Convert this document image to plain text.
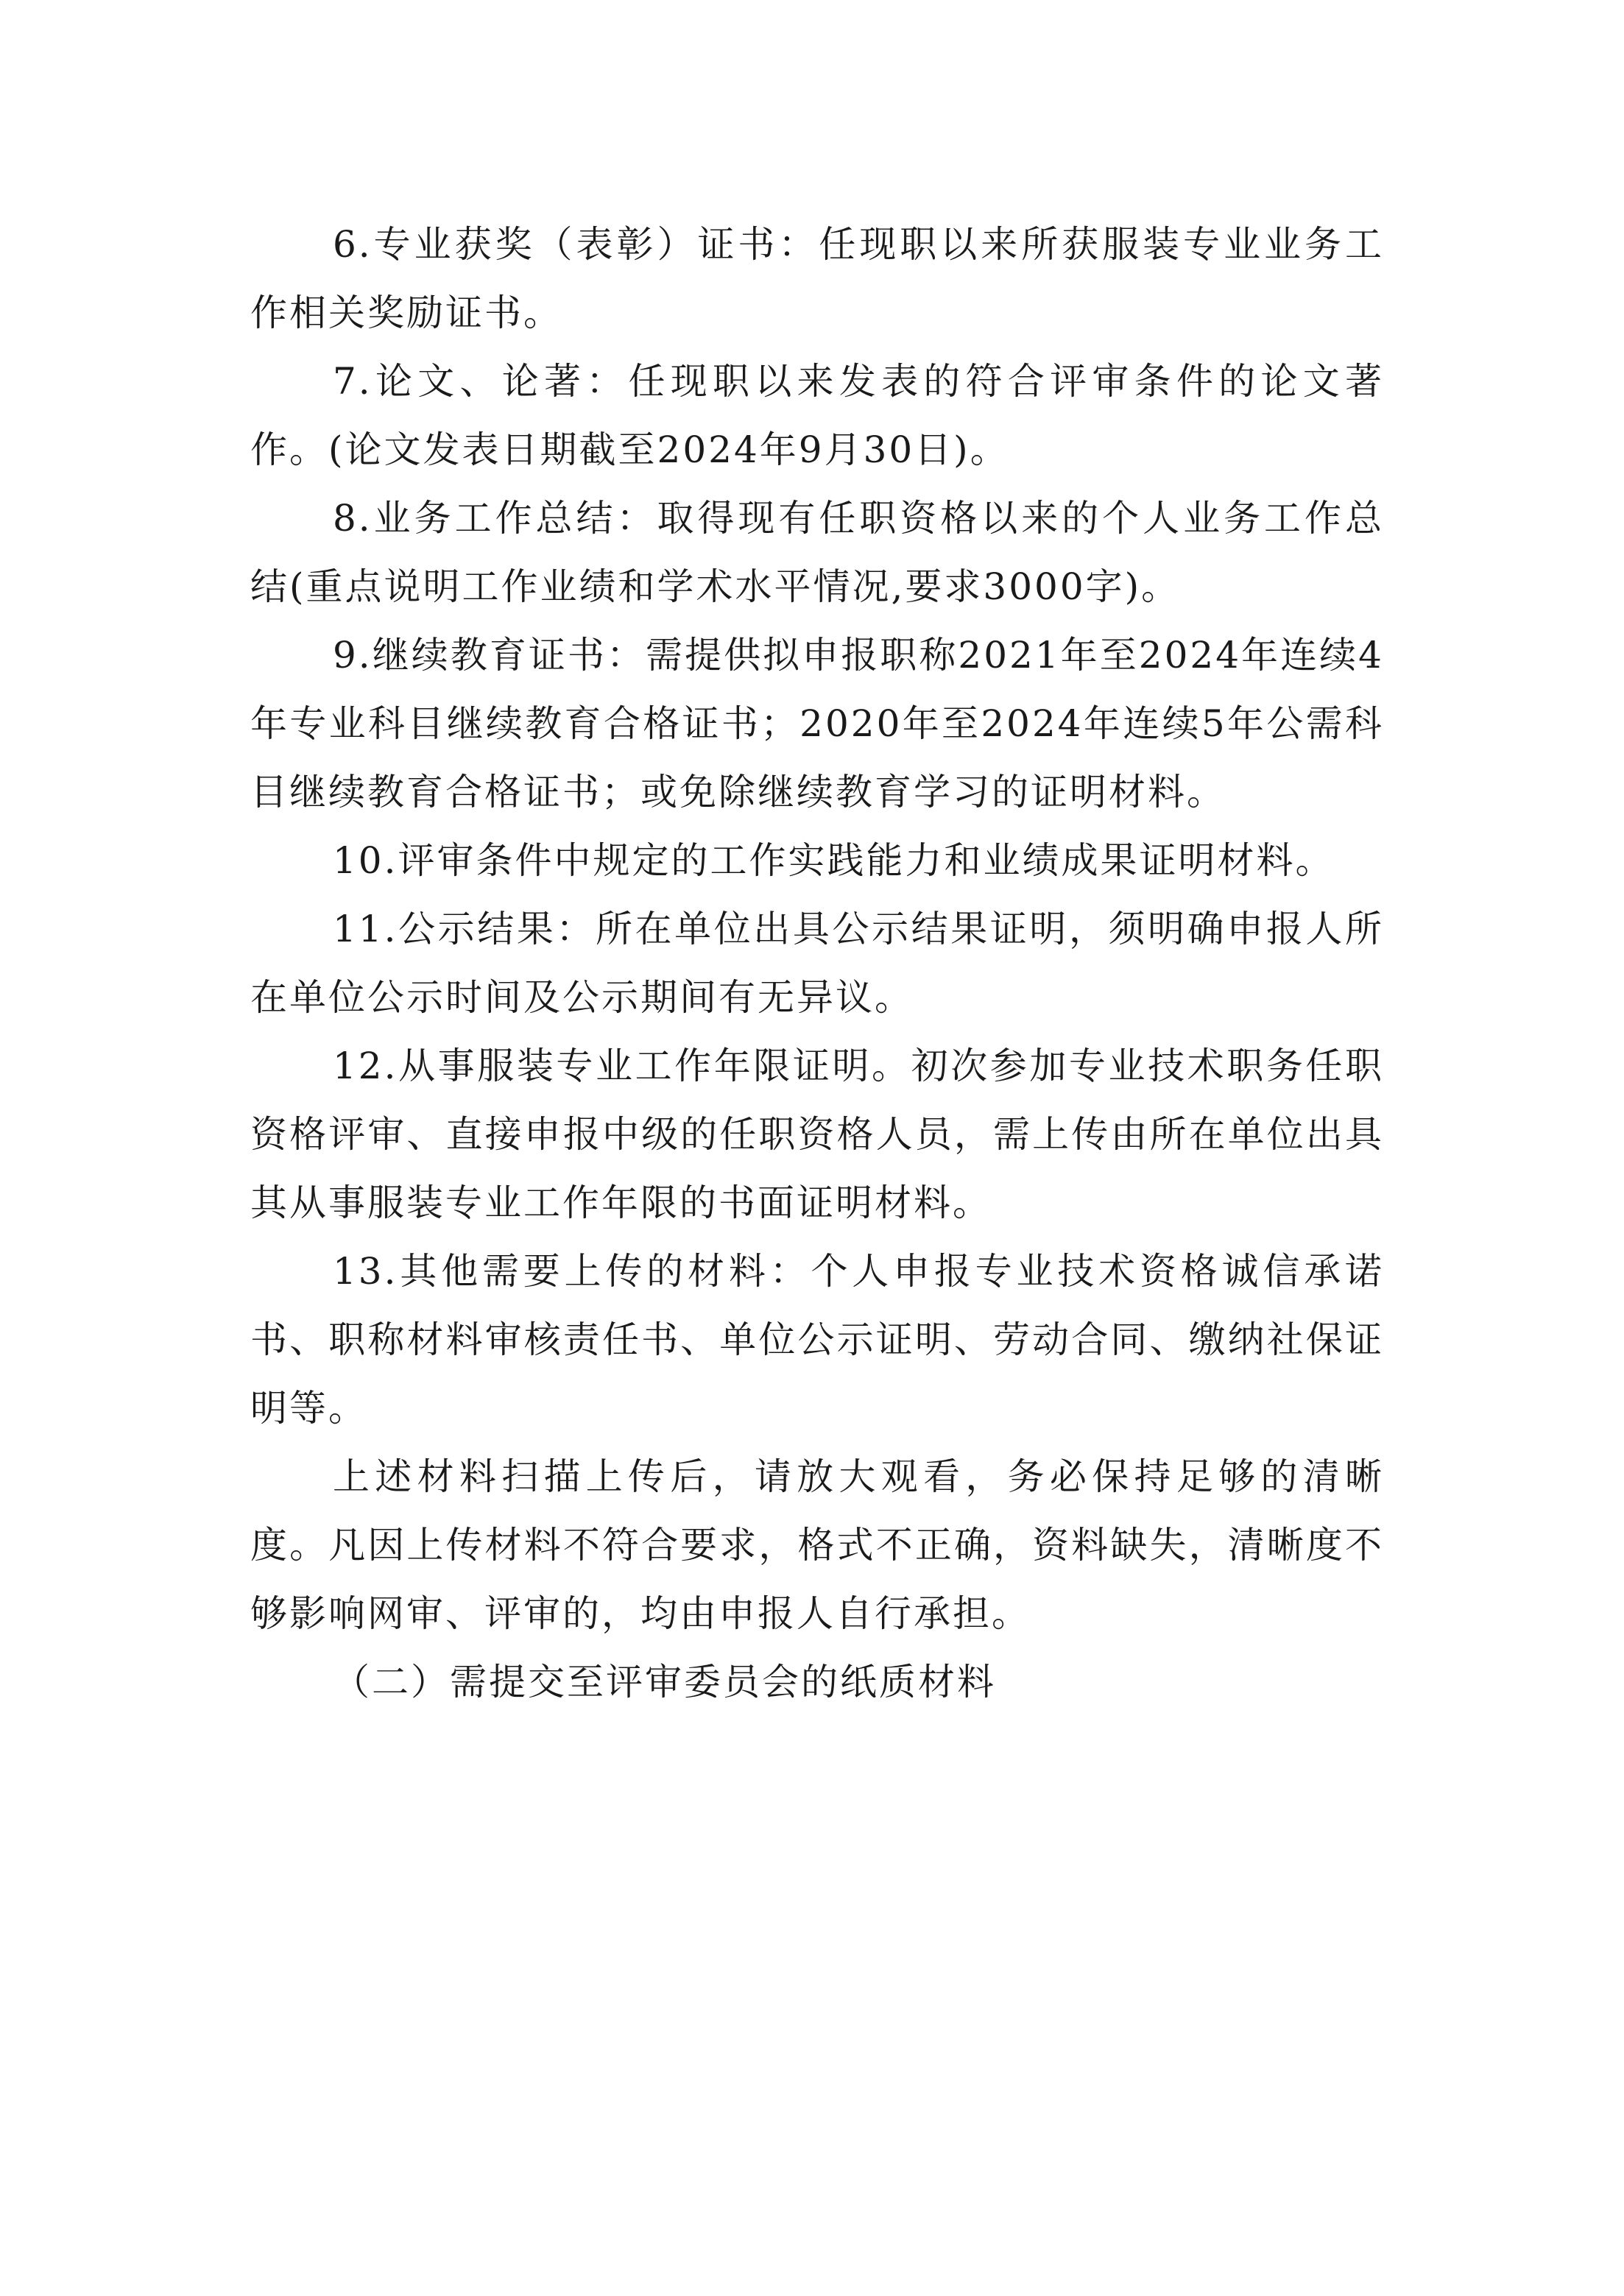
6.专业获奖（表彰）证书：任现职以来所获服装专业业务工作相关奖励证书。

7.论文、论著：任现职以来发表的符合评审条件的论文著作。(论文发表日期截至2024年9月30日)。

8.业务工作总结：取得现有任职资格以来的个人业务工作总结(重点说明工作业绩和学术水平情况,要求3000字)。

9.继续教育证书：需提供拟申报职称2021年至2024年连续4年专业科目继续教育合格证书；2020年至2024年连续5年公需科目继续教育合格证书；或免除继续教育学习的证明材料。

10.评审条件中规定的工作实践能力和业绩成果证明材料。

11.公示结果：所在单位出具公示结果证明，须明确申报人所在单位公示时间及公示期间有无异议。

12.从事服装专业工作年限证明。初次参加专业技术职务任职资格评审、直接申报中级的任职资格人员，需上传由所在单位出具其从事服装专业工作年限的书面证明材料。

13.其他需要上传的材料：个人申报专业技术资格诚信承诺书、职称材料审核责任书、单位公示证明、劳动合同、缴纳社保证明等。

上述材料扫描上传后，请放大观看，务必保持足够的清晰度。凡因上传材料不符合要求，格式不正确，资料缺失，清晰度不够影响网审、评审的，均由申报人自行承担。

（二）需提交至评审委员会的纸质材料
